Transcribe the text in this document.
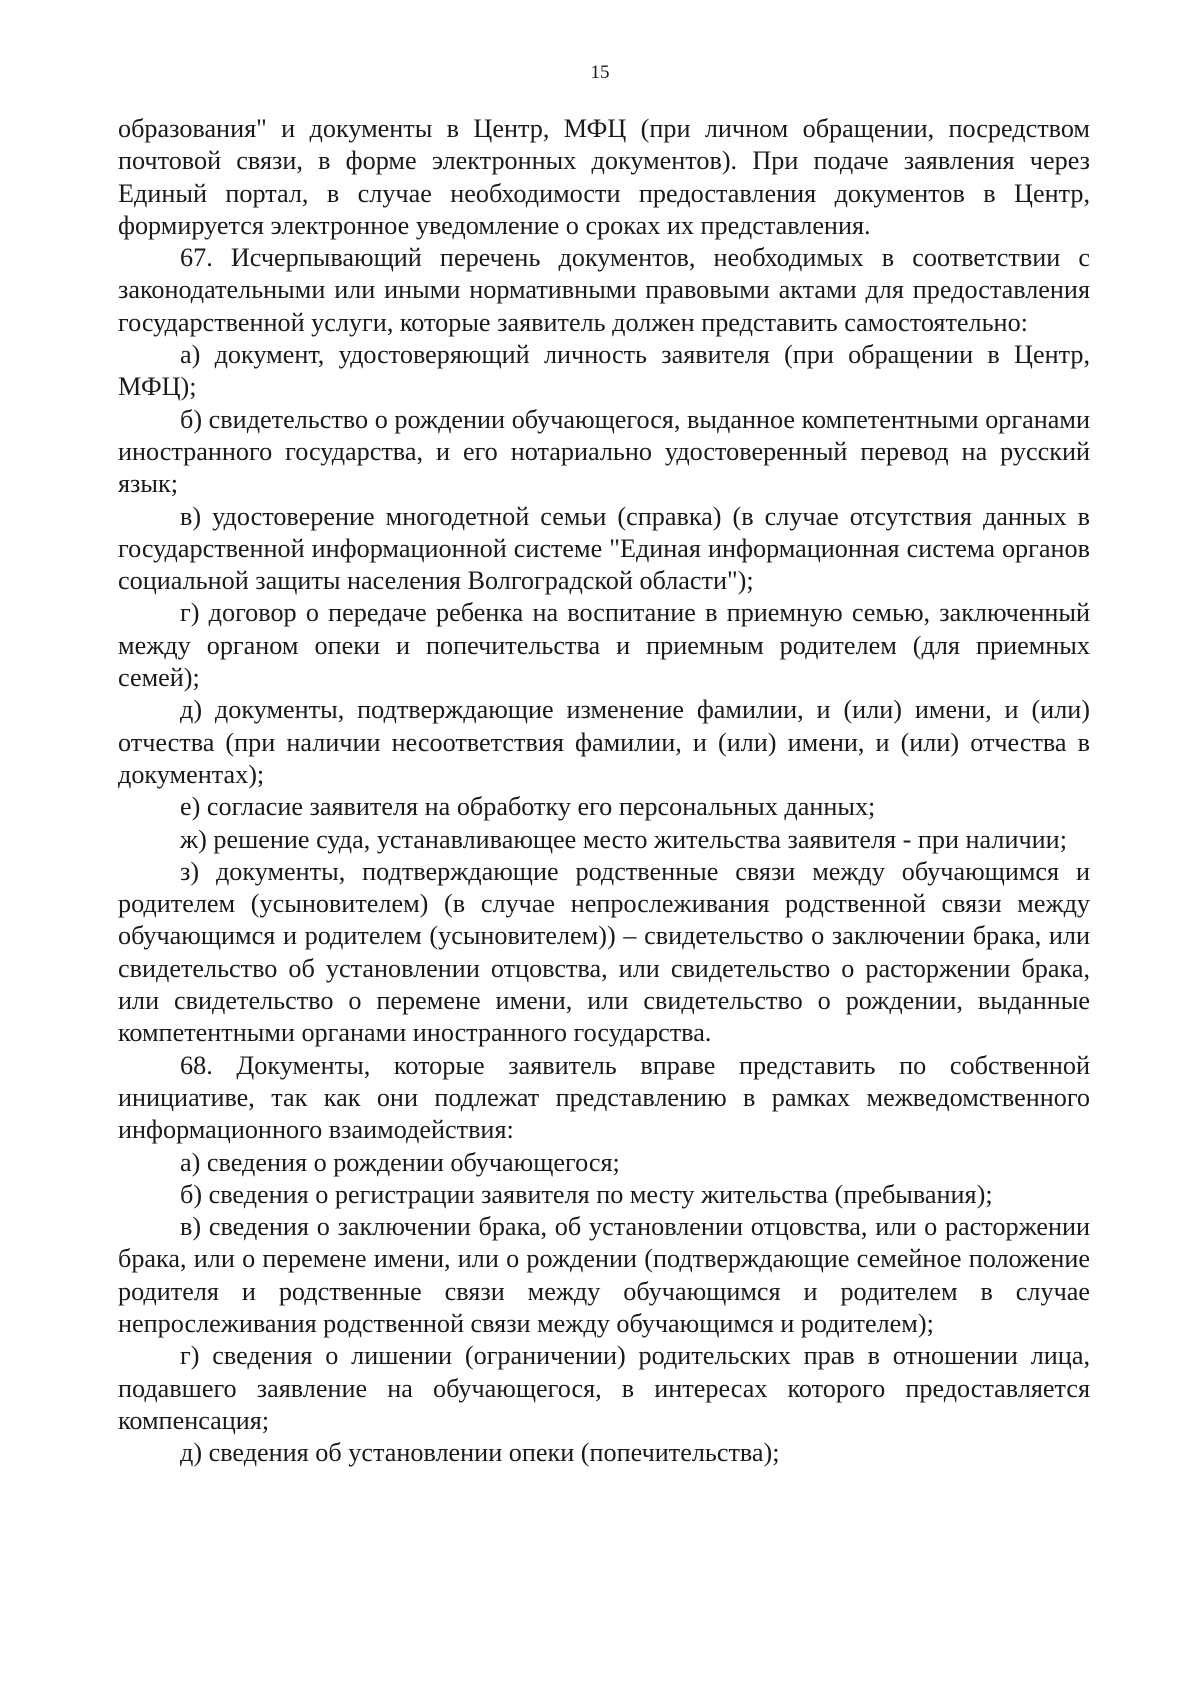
15

образования" и документы в Центр, МФЦ (при личном обращении, посредством почтовой связи, в форме электронных документов). При подаче заявления через Единый портал, в случае необходимости предоставления документов в Центр, формируется электронное уведомление о сроках их представления.

67. Исчерпывающий перечень документов, необходимых в соответствии с законодательными или иными нормативными правовыми актами для предоставления государственной услуги, которые заявитель должен представить самостоятельно:

а) документ, удостоверяющий личность заявителя (при обращении в Центр, МФЦ);

б) свидетельство о рождении обучающегося, выданное компетентными органами иностранного государства, и его нотариально удостоверенный перевод на русский язык;

в) удостоверение многодетной семьи (справка) (в случае отсутствия данных в государственной информационной системе "Единая информационная система органов социальной защиты населения Волгоградской области");

г) договор о передаче ребенка на воспитание в приемную семью, заключенный между органом опеки и попечительства и приемным родителем (для приемных семей);

д) документы, подтверждающие изменение фамилии, и (или) имени, и (или) отчества (при наличии несоответствия фамилии, и (или) имени, и (или) отчества в документах);

е) согласие заявителя на обработку его персональных данных;

ж) решение суда, устанавливающее место жительства заявителя - при наличии;

з) документы, подтверждающие родственные связи между обучающимся и родителем (усыновителем) (в случае непрослеживания родственной связи между обучающимся и родителем (усыновителем)) – свидетельство о заключении брака, или свидетельство об установлении отцовства, или свидетельство о расторжении брака, или свидетельство о перемене имени, или свидетельство о рождении, выданные компетентными органами иностранного государства.

68. Документы, которые заявитель вправе представить по собственной инициативе, так как они подлежат представлению в рамках межведомственного информационного взаимодействия:

а) сведения о рождении обучающегося;

б) сведения о регистрации заявителя по месту жительства (пребывания);

в) сведения о заключении брака, об установлении отцовства, или о расторжении брака, или о перемене имени, или о рождении (подтверждающие семейное положение родителя и родственные связи между обучающимся и родителем в случае непрослеживания родственной связи между обучающимся и родителем);

г) сведения о лишении (ограничении) родительских прав в отношении лица, подавшего заявление на обучающегося, в интересах которого предоставляется компенсация;

д) сведения об установлении опеки (попечительства);
